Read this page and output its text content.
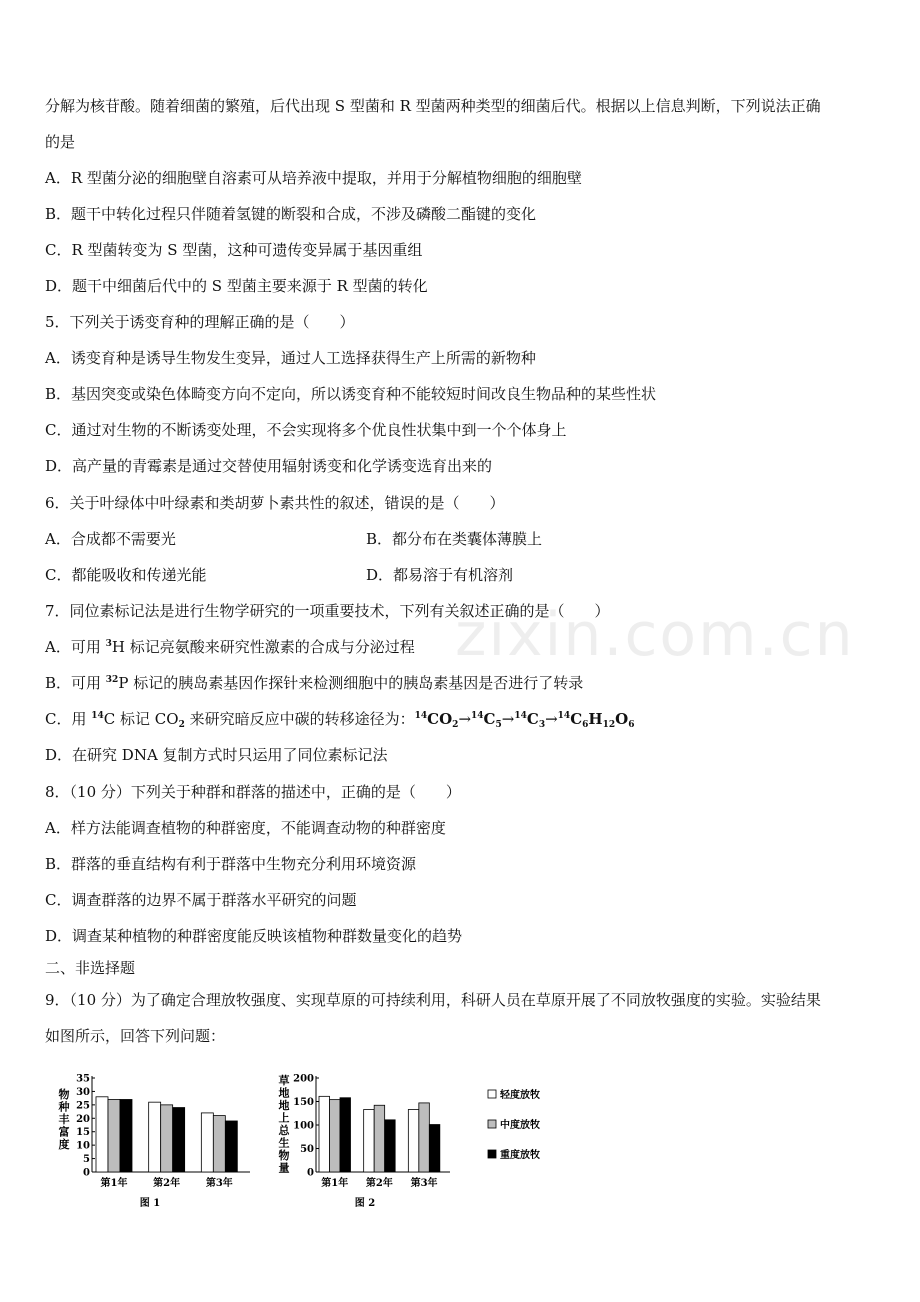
zixin.com.cn
分解为核苷酸。随着细菌的繁殖，后代出现 S 型菌和 R 型菌两种类型的细菌后代。根据以上信息判断，下列说法正确
的是
A．R 型菌分泌的细胞壁自溶素可从培养液中提取，并用于分解植物细胞的细胞壁
B．题干中转化过程只伴随着氢键的断裂和合成，不涉及磷酸二酯键的变化
C．R 型菌转变为 S 型菌，这种可遗传变异属于基因重组
D．题干中细菌后代中的 S 型菌主要来源于 R 型菌的转化
5．下列关于诱变育种的理解正确的是（　　）
A．诱变育种是诱导生物发生变异，通过人工选择获得生产上所需的新物种
B．基因突变或染色体畸变方向不定向，所以诱变育种不能较短时间改良生物品种的某些性状
C．通过对生物的不断诱变处理，不会实现将多个优良性状集中到一个个体身上
D．高产量的青霉素是通过交替使用辐射诱变和化学诱变选育出来的
6．关于叶绿体中叶绿素和类胡萝卜素共性的叙述，错误的是（　　）
A．合成都不需要光	B．都分布在类囊体薄膜上
C．都能吸收和传递光能	D．都易溶于有机溶剂
7．同位素标记法是进行生物学研究的一项重要技术，下列有关叙述正确的是（　　）
A．可用 $^3$H 标记亮氨酸来研究性激素的合成与分泌过程
B．可用 $^{32}$P 标记的胰岛素基因作探针来检测细胞中的胰岛素基因是否进行了转录
C．用 $^{14}$C 标记 $CO_2$ 来研究暗反应中碳的转移途径为：$^{14}CO_2\to^{14}C_5\to^{14}C_3\to^{14}C_6H_{12}O_6$
D．在研究 DNA 复制方式时只运用了同位素标记法
8．（10 分）下列关于种群和群落的描述中，正确的是（　　）
A．样方法能调查植物的种群密度，不能调查动物的种群密度
B．群落的垂直结构有利于群落中生物充分利用环境资源
C．调查群落的边界不属于群落水平研究的问题
D．调查某种植物的种群密度能反映该植物种群数量变化的趋势
二、非选择题
9．（10 分）为了确定合理放牧强度、实现草原的可持续利用，科研人员在草原开展了不同放牧强度的实验。实验结果
如图所示，回答下列问题：
物
种
丰
富
度
0
5
10
15
20
25
30
35
第1年	第2年	第3年
图 1
草
地
地
上
总
生
物
量 0
50
100
150
200
第1年 第2年 第3年
图 2
轻度放牧
中度放牧
重度放牧
